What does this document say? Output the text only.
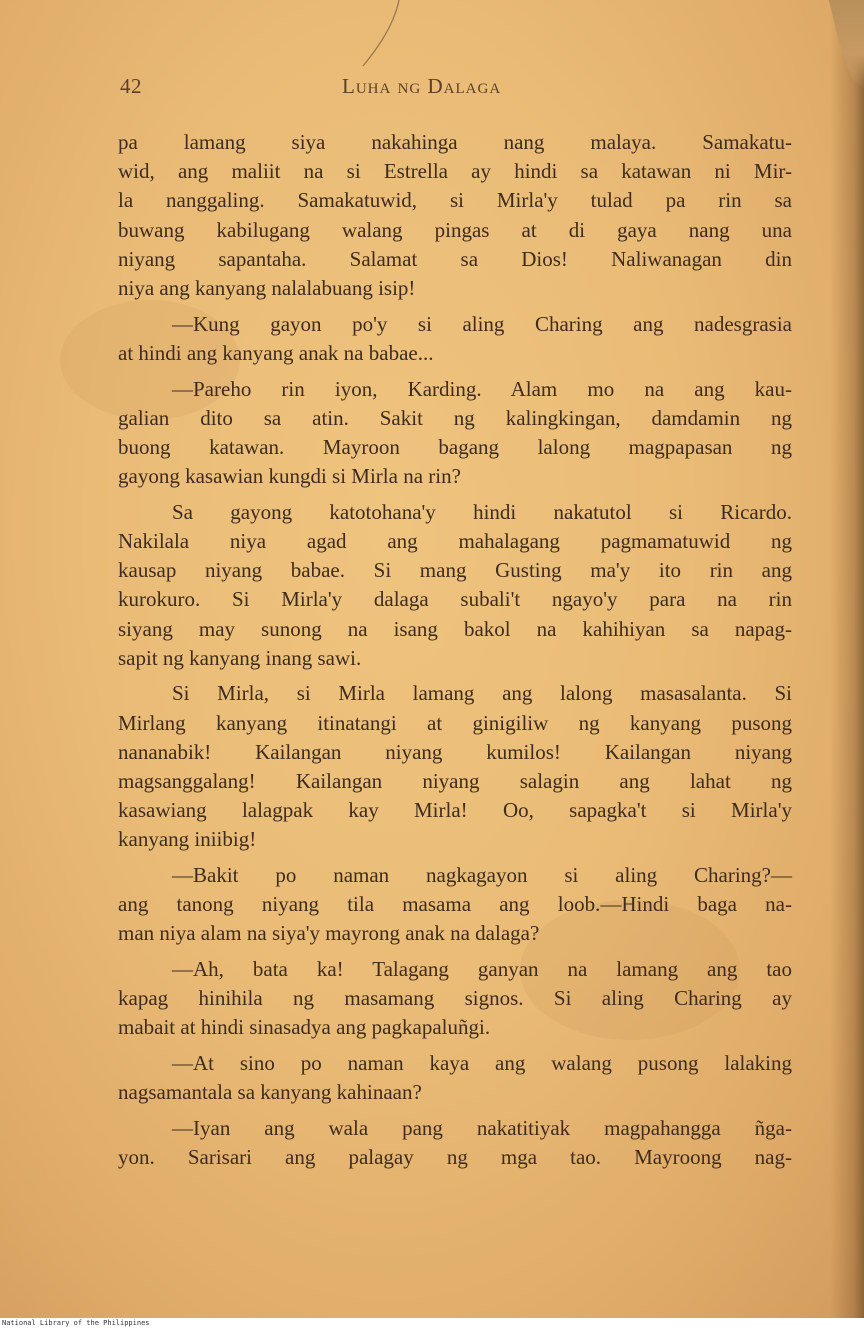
42	Luha ng Dalaga
pa lamang siya nakahinga nang malaya. Samakatu-
wid, ang maliit na si Estrella ay hindi sa katawan ni Mir-
la nanggaling. Samakatuwid, si Mirla'y tulad pa rin sa
buwang kabilugang walang pingas at di gaya nang una
niyang sapantaha. Salamat sa Dios! Naliwanagan din
niya ang kanyang nalalabuang isip!
—Kung gayon po'y si aling Charing ang nadesgrasia
at hindi ang kanyang anak na babae...
—Pareho rin iyon, Karding. Alam mo na ang kau-
galian dito sa atin. Sakit ng kalingkingan, damdamin ng
buong katawan. Mayroon bagang lalong magpapasan ng
gayong kasawian kungdi si Mirla na rin?
Sa gayong katotohana'y hindi nakatutol si Ricardo.
Nakilala niya agad ang mahalagang pagmamatuwid ng
kausap niyang babae. Si mang Gusting ma'y ito rin ang
kurokuro. Si Mirla'y dalaga subali't ngayo'y para na rin
siyang may sunong na isang bakol na kahihiyan sa napag-
sapit ng kanyang inang sawi.
Si Mirla, si Mirla lamang ang lalong masasalanta. Si
Mirlang kanyang itinatangi at ginigiliw ng kanyang pusong
nananabik! Kailangan niyang kumilos! Kailangan niyang
magsanggalang! Kailangan niyang salagin ang lahat ng
kasawiang lalagpak kay Mirla! Oo, sapagka't si Mirla'y
kanyang iniibig!
—Bakit po naman nagkagayon si aling Charing?—
ang tanong niyang tila masama ang loob.—Hindi baga na-
man niya alam na siya'y mayrong anak na dalaga?
—Ah, bata ka! Talagang ganyan na lamang ang tao
kapag hinihila ng masamang signos. Si aling Charing ay
mabait at hindi sinasadya ang pagkapaluñgi.
—At sino po naman kaya ang walang pusong lalaking
nagsamantala sa kanyang kahinaan?
—Iyan ang wala pang nakatitiyak magpahangga ñga-
yon. Sarisari ang palagay ng mga tao. Mayroong nag-
National Library of the Philippines
